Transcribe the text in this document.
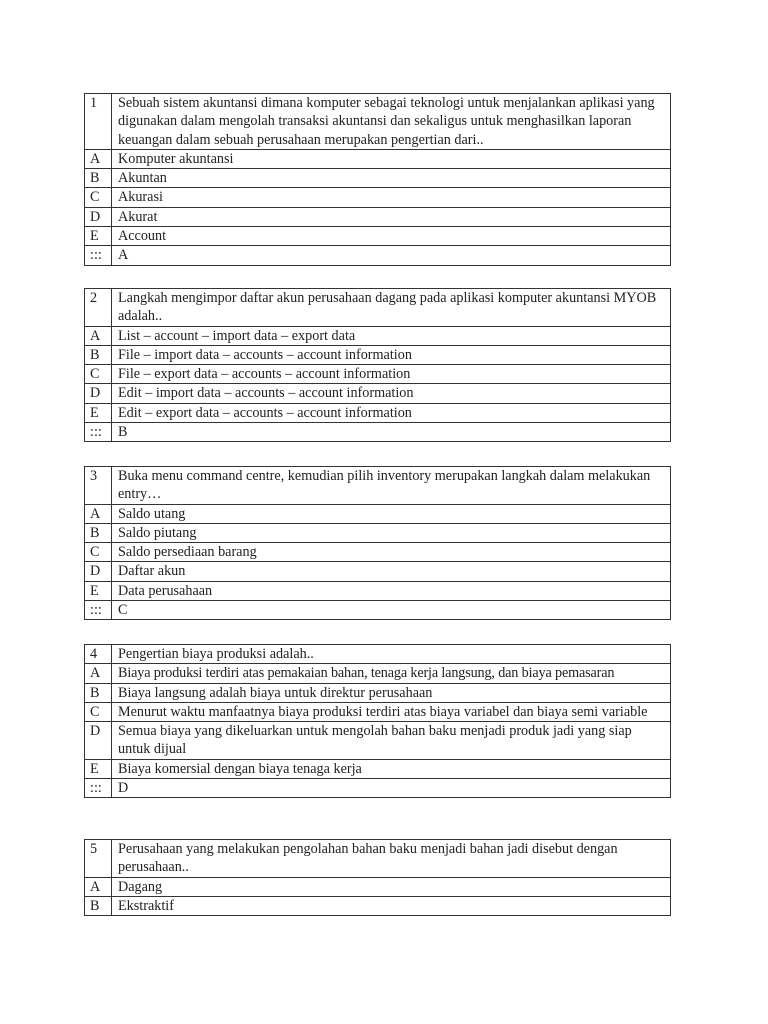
1	Sebuah sistem akuntansi dimana komputer sebagai teknologi untuk menjalankan aplikasi yang digunakan dalam mengolah transaksi akuntansi dan sekaligus untuk menghasilkan laporan keuangan dalam sebuah perusahaan merupakan pengertian dari..
A	Komputer akuntansi
B	Akuntan
C	Akurasi
D	Akurat
E	Account
:::	A
2	Langkah mengimpor daftar akun perusahaan dagang pada aplikasi komputer akuntansi MYOB adalah..
A	List – account – import data – export data
B	File – import data – accounts – account information
C	File – export data – accounts – account information
D	Edit – import data – accounts – account information
E	Edit – export data – accounts – account information
:::	B
3	Buka menu command centre, kemudian pilih inventory merupakan langkah dalam melakukan entry…
A	Saldo utang
B	Saldo piutang
C	Saldo persediaan barang
D	Daftar akun
E	Data perusahaan
:::	C
4	Pengertian biaya produksi adalah..
A	Biaya produksi terdiri atas pemakaian bahan, tenaga kerja langsung, dan biaya pemasaran
B	Biaya langsung adalah biaya untuk direktur perusahaan
C	Menurut waktu manfaatnya biaya produksi terdiri atas biaya variabel dan biaya semi variable
D	Semua biaya yang dikeluarkan untuk mengolah bahan baku menjadi produk jadi yang siap untuk dijual
E	Biaya komersial dengan biaya tenaga kerja
:::	D
5	Perusahaan yang melakukan pengolahan bahan baku menjadi bahan jadi disebut dengan perusahaan..
A	Dagang
B	Ekstraktif
